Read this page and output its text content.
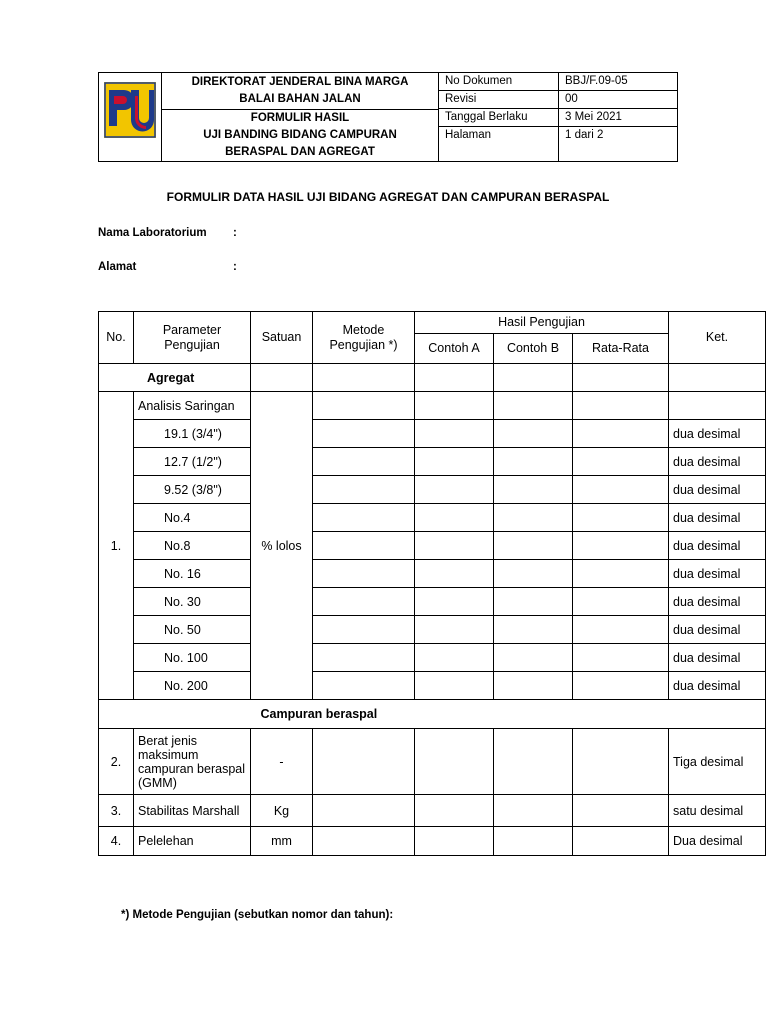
DIREKTORAT JENDERAL BINA MARGA
BALAI BAHAN JALAN
FORMULIR HASIL
UJI BANDING BIDANG CAMPURAN
BERASPAL DAN AGREGAT
No Dokumen	BBJ/F.09-05
Revisi	00
Tanggal Berlaku	3 Mei 2021
Halaman	1 dari 2
FORMULIR DATA HASIL UJI BIDANG AGREGAT DAN CAMPURAN BERASPAL
Nama Laboratorium :
Alamat	:
No.	Parameter Pengujian	Satuan	Metode Pengujian *)	Hasil Pengujian			Ket.
				Contoh A	Contoh B	Rata-Rata	
Agregat							
1.	Analisis Saringan	% lolos					
	19.1 (3/4")						dua desimal
	12.7 (1/2")						dua desimal
	9.52 (3/8")						dua desimal
	No.4						dua desimal
	No.8						dua desimal
	No. 16						dua desimal
	No. 30						dua desimal
	No. 50						dua desimal
	No. 100						dua desimal
	No. 200						dua desimal
		Campuran beraspal					
2.	Berat jenis maksimum campuran beraspal (GMM)	-					Tiga desimal
3.	Stabilitas Marshall	Kg					satu desimal
4.	Pelelehan	mm					Dua desimal
*) Metode Pengujian (sebutkan nomor dan tahun):
